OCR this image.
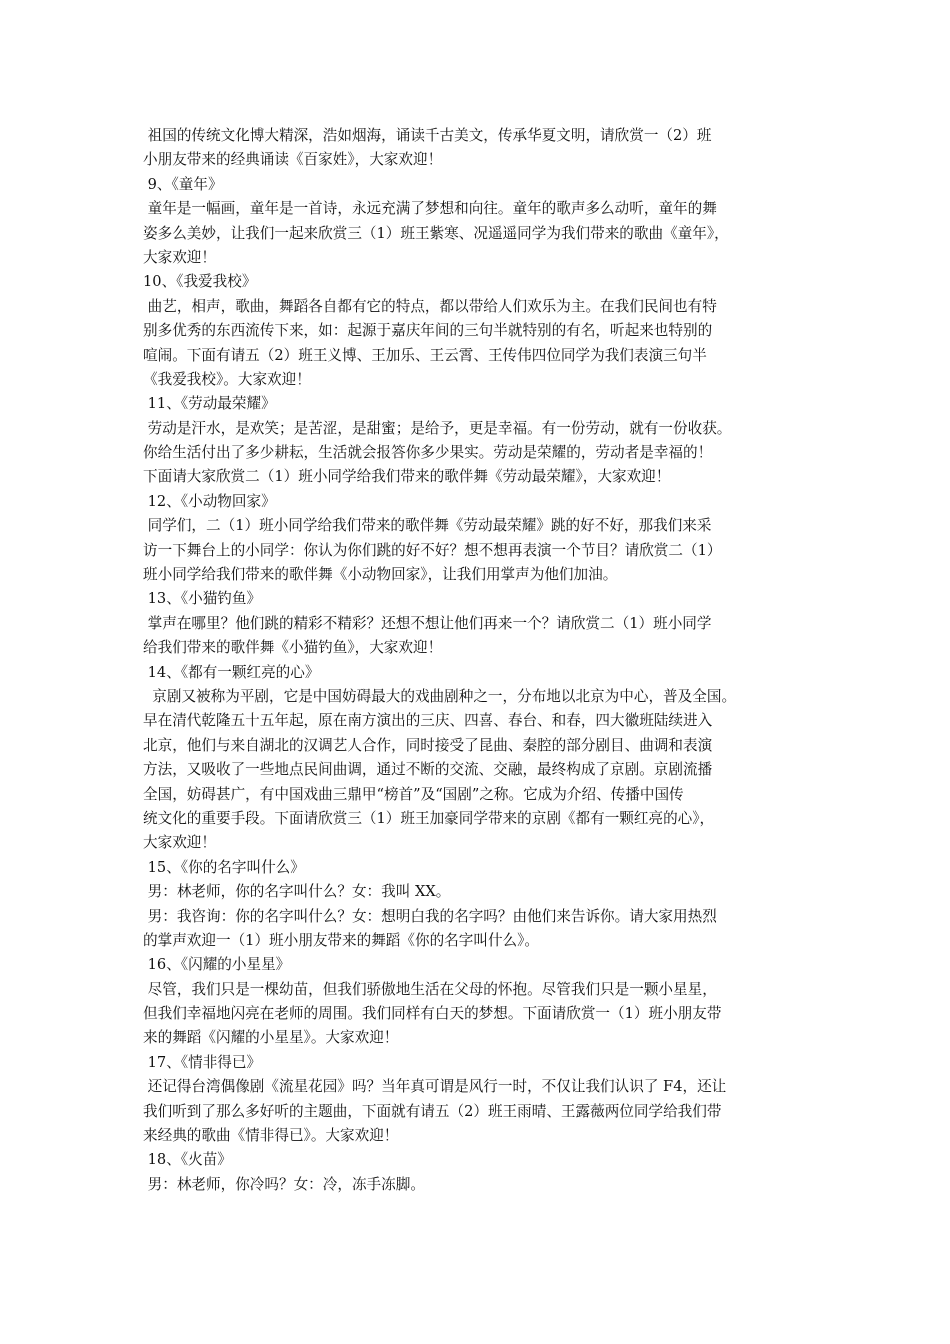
祖国的传统文化博大精深，浩如烟海，诵读千古美文，传承华夏文明，请欣赏一（2）班
小朋友带来的经典诵读《百家姓》，大家欢迎！
9、《童年》
童年是一幅画，童年是一首诗，永远充满了梦想和向往。童年的歌声多么动听，童年的舞
姿多么美妙，让我们一起来欣赏三（1）班王紫寒、况遥遥同学为我们带来的歌曲《童年》，
大家欢迎！
10、《我爱我校》
曲艺，相声，歌曲，舞蹈各自都有它的特点，都以带给人们欢乐为主。在我们民间也有特
别多优秀的东西流传下来，如：起源于嘉庆年间的三句半就特别的有名，听起来也特别的
喧闹。下面有请五（2）班王义博、王加乐、王云霄、王传伟四位同学为我们表演三句半
《我爱我校》。大家欢迎！
11、《劳动最荣耀》
劳动是汗水，是欢笑；是苦涩，是甜蜜；是给予，更是幸福。有一份劳动，就有一份收获。
你给生活付出了多少耕耘，生活就会报答你多少果实。劳动是荣耀的，劳动者是幸福的！
下面请大家欣赏二（1）班小同学给我们带来的歌伴舞《劳动最荣耀》，大家欢迎！
12、《小动物回家》
同学们，二（1）班小同学给我们带来的歌伴舞《劳动最荣耀》跳的好不好，那我们来采
访一下舞台上的小同学：你认为你们跳的好不好？想不想再表演一个节目？请欣赏二（1）
班小同学给我们带来的歌伴舞《小动物回家》，让我们用掌声为他们加油。
13、《小猫钓鱼》
掌声在哪里？他们跳的精彩不精彩？还想不想让他们再来一个？请欣赏二（1）班小同学
给我们带来的歌伴舞《小猫钓鱼》，大家欢迎！
14、《都有一颗红亮的心》
京剧又被称为平剧，它是中国妨碍最大的戏曲剧种之一，分布地以北京为中心，普及全国。
早在清代乾隆五十五年起，原在南方演出的三庆、四喜、春台、和春，四大徽班陆续进入
北京，他们与来自湖北的汉调艺人合作，同时接受了昆曲、秦腔的部分剧目、曲调和表演
方法，又吸收了一些地点民间曲调，通过不断的交流、交融，最终构成了京剧。京剧流播
全国，妨碍甚广，有中国戏曲三鼎甲“榜首”及“国剧”之称。它成为介绍、传播中国传
统文化的重要手段。下面请欣赏三（1）班王加豪同学带来的京剧《都有一颗红亮的心》，
大家欢迎！
15、《你的名字叫什么》
男：林老师，你的名字叫什么？女：我叫 XX。
男：我咨询：你的名字叫什么？女：想明白我的名字吗？由他们来告诉你。请大家用热烈
的掌声欢迎一（1）班小朋友带来的舞蹈《你的名字叫什么》。
16、《闪耀的小星星》
尽管，我们只是一棵幼苗，但我们骄傲地生活在父母的怀抱。尽管我们只是一颗小星星，
但我们幸福地闪亮在老师的周围。我们同样有白天的梦想。下面请欣赏一（1）班小朋友带
来的舞蹈《闪耀的小星星》。大家欢迎！
17、《情非得已》
还记得台湾偶像剧《流星花园》吗？当年真可谓是风行一时，不仅让我们认识了 F4，还让
我们听到了那么多好听的主题曲，下面就有请五（2）班王雨晴、王露薇两位同学给我们带
来经典的歌曲《情非得已》。大家欢迎！
18、《火苗》
男：林老师，你冷吗？女：冷，冻手冻脚。
